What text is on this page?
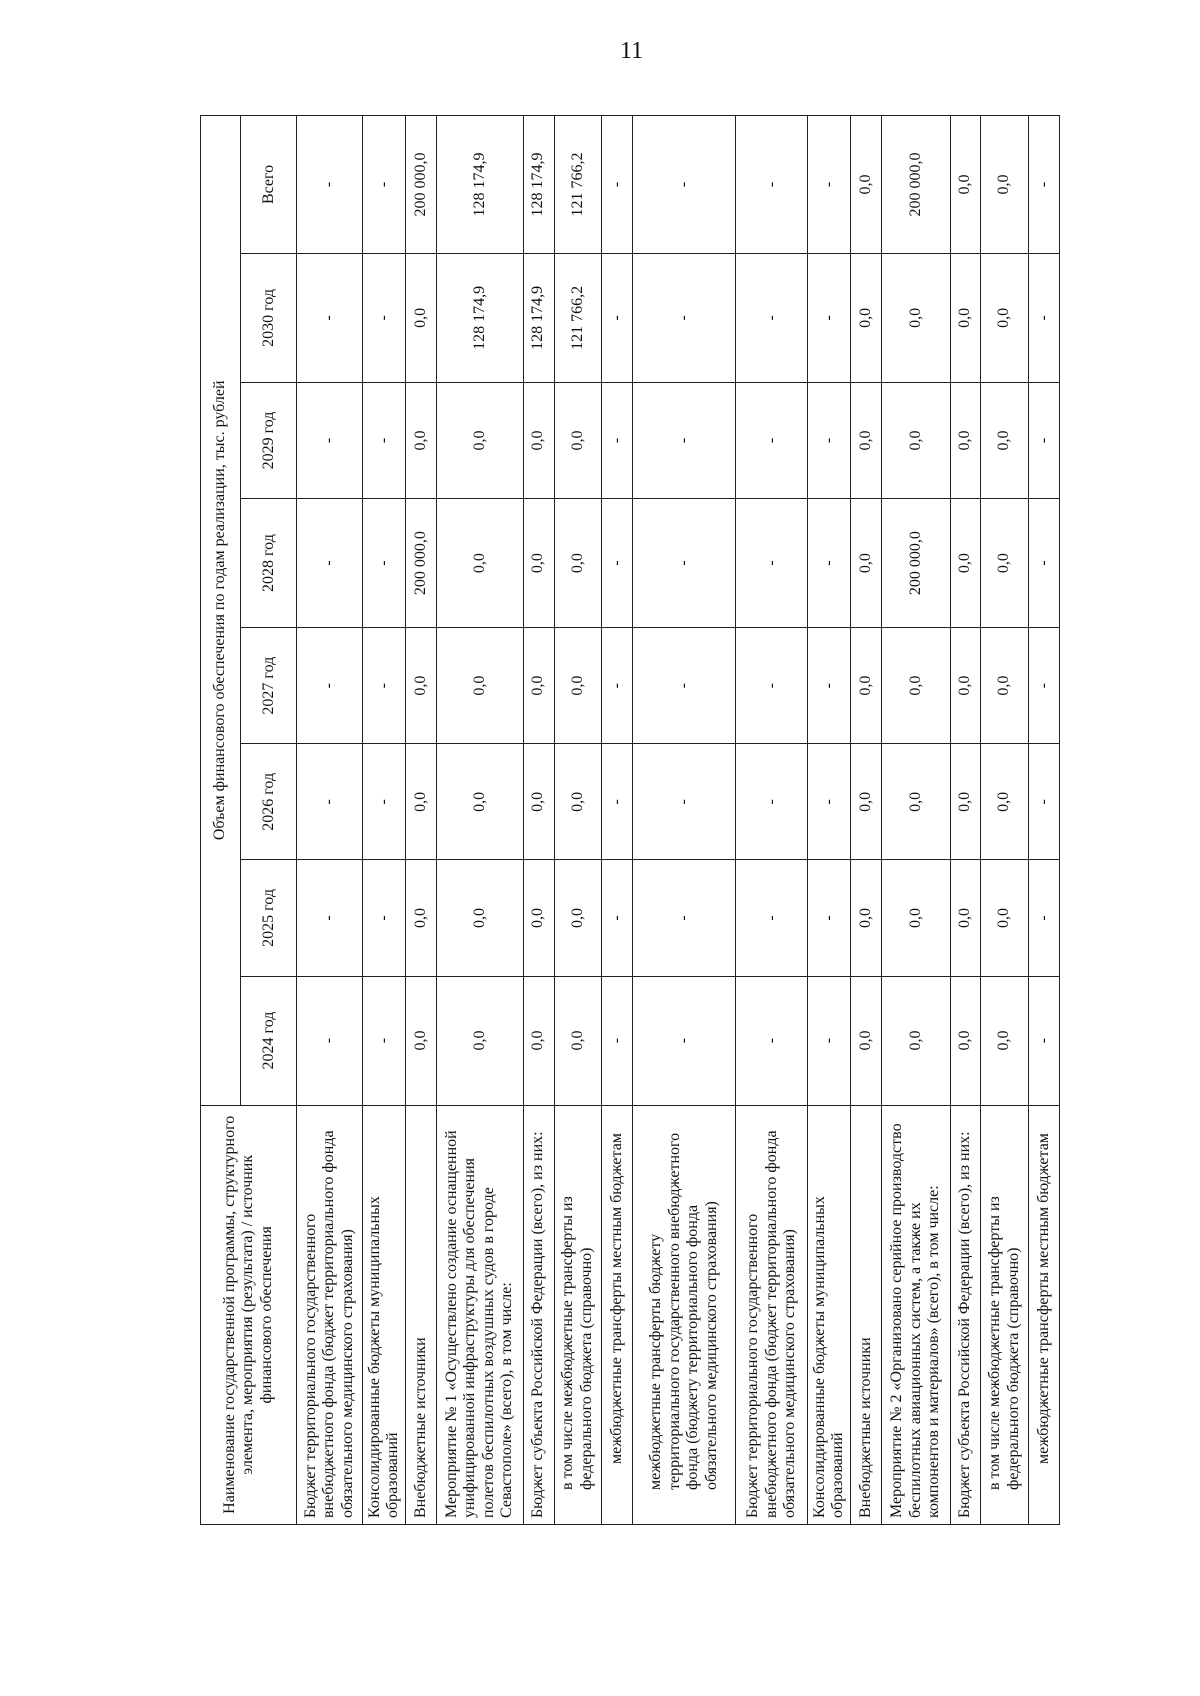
11
Наименование государственной программы, структурного элемента, мероприятия (результата) / источник финансового обеспечения	Объем финансового обеспечения по годам реализации, тыс. рублей							
	2024 год	2025 год	2026 год	2027 год	2028 год	2029 год	2030 год	Всего
Бюджет территориального государственного внебюджетного фонда (бюджет территориального фонда обязательного медицинского страхования)	-	-	-	-	-	-	-	-
Консолидированные бюджеты муниципальных образований	-	-	-	-	-	-	-	-
Внебюджетные источники	0,0	0,0	0,0	0,0	200 000,0	0,0	0,0	200 000,0
Мероприятие № 1 «Осуществлено создание оснащенной унифицированной инфраструктуры для обеспечения полетов беспилотных воздушных судов в городе Севастополе» (всего), в том числе:	0,0	0,0	0,0	0,0	0,0	0,0	128 174,9	128 174,9
Бюджет субъекта Российской Федерации (всего), из них:	0,0	0,0	0,0	0,0	0,0	0,0	128 174,9	128 174,9
в том числе межбюджетные трансферты из федерального бюджета (справочно)	0,0	0,0	0,0	0,0	0,0	0,0	121 766,2	121 766,2
межбюджетные трансферты местным бюджетам	-	-	-	-	-	-	-	-
межбюджетные трансферты бюджету территориального государственного внебюджетного фонда (бюджету территориального фонда обязательного медицинского страхования)	-	-	-	-	-	-	-	-
Бюджет территориального государственного внебюджетного фонда (бюджет территориального фонда обязательного медицинского страхования)	-	-	-	-	-	-	-	-
Консолидированные бюджеты муниципальных образований	-	-	-	-	-	-	-	-
Внебюджетные источники	0,0	0,0	0,0	0,0	0,0	0,0	0,0	0,0
Мероприятие № 2 «Организовано серийное производство беспилотных авиационных систем, а также их компонентов и материалов» (всего), в том числе:	0,0	0,0	0,0	0,0	200 000,0	0,0	0,0	200 000,0
Бюджет субъекта Российской Федерации (всего), из них:	0,0	0,0	0,0	0,0	0,0	0,0	0,0	0,0
в том числе межбюджетные трансферты из федерального бюджета (справочно)	0,0	0,0	0,0	0,0	0,0	0,0	0,0	0,0
межбюджетные трансферты местным бюджетам	-	-	-	-	-	-	-	-
